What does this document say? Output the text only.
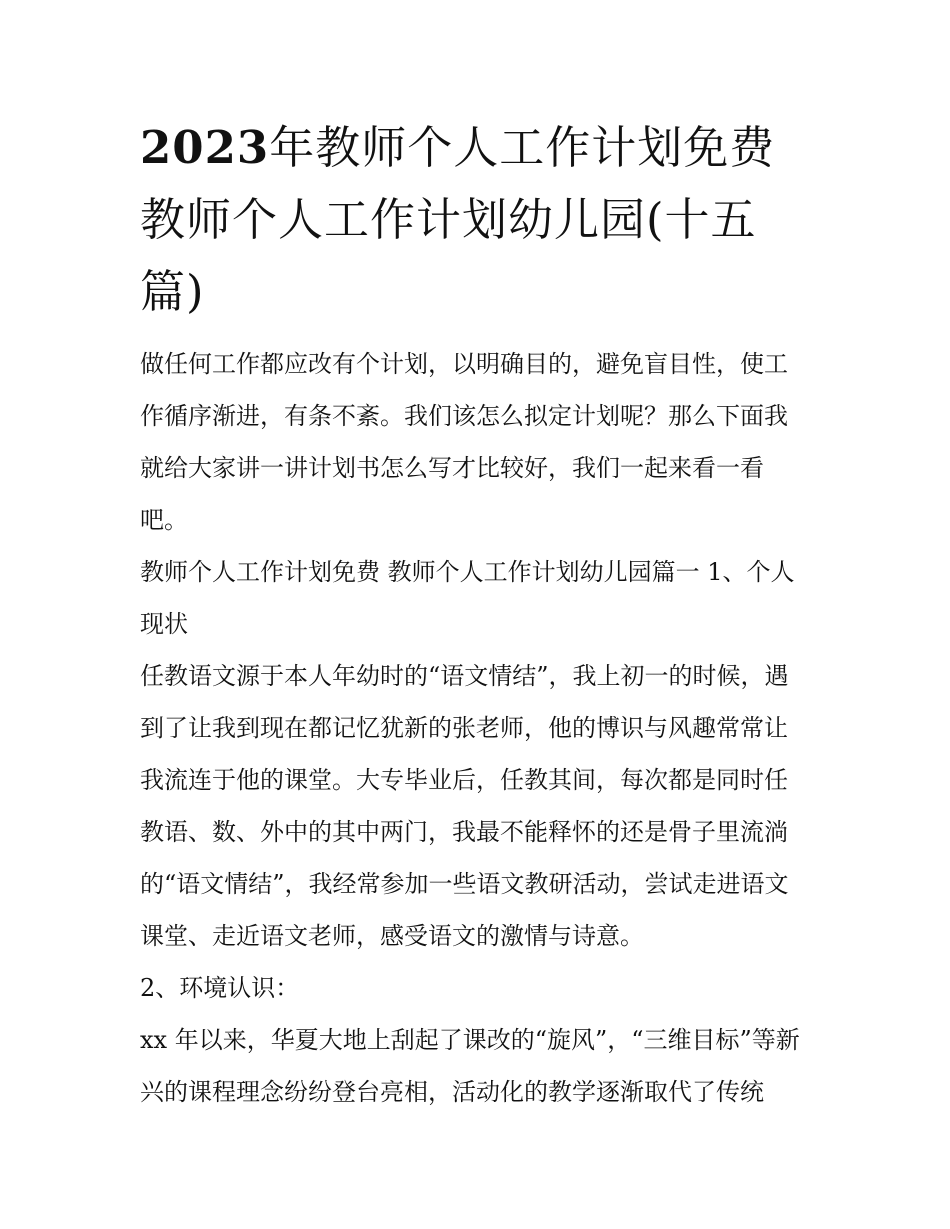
2023年教师个人工作计划免费
教师个人工作计划幼儿园(十五
篇)

做任何工作都应改有个计划，以明确目的，避免盲目性，使工
作循序渐进，有条不紊。我们该怎么拟定计划呢？那么下面我
就给大家讲一讲计划书怎么写才比较好，我们一起来看一看
吧。

教师个人工作计划免费 教师个人工作计划幼儿园篇一 1、个人
现状

任教语文源于本人年幼时的“语文情结”，我上初一的时候，遇
到了让我到现在都记忆犹新的张老师，他的博识与风趣常常让
我流连于他的课堂。大专毕业后，任教其间，每次都是同时任
教语、数、外中的其中两门，我最不能释怀的还是骨子里流淌
的“语文情结”，我经常参加一些语文教研活动，尝试走进语文
课堂、走近语文老师，感受语文的激情与诗意。

2、环境认识：

xx 年以来，华夏大地上刮起了课改的“旋风”，“三维目标”等新
兴的课程理念纷纷登台亮相，活动化的教学逐渐取代了传统
